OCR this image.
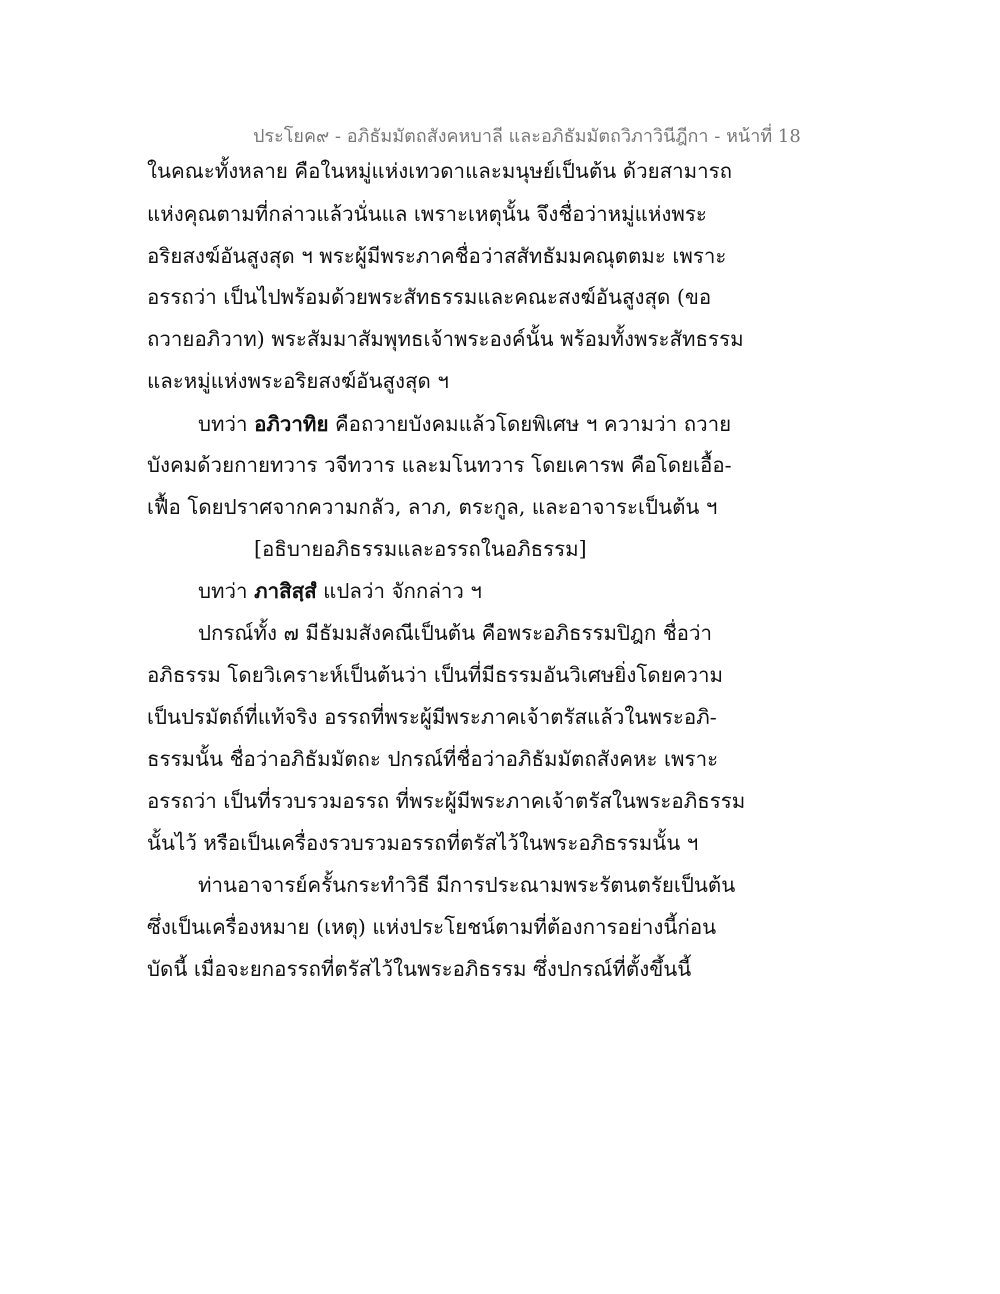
ประโยค๙ - อภิธัมมัตถสังคหบาลี และอภิธัมมัตถวิภาวินีฎีกา - หน้าที่ 18
ในคณะทั้งหลาย คือในหมู่แห่งเทวดาและมนุษย์เป็นต้น ด้วยสามารถ
แห่งคุณตามที่กล่าวแล้วนั่นแล เพราะเหตุนั้น จึงชื่อว่าหมู่แห่งพระ
อริยสงฆ์อันสูงสุด ฯ พระผู้มีพระภาคชื่อว่าสสัทธัมมคณุตตมะ เพราะ
อรรถว่า เป็นไปพร้อมด้วยพระสัทธรรมและคณะสงฆ์อันสูงสุด (ขอ
ถวายอภิวาท) พระสัมมาสัมพุทธเจ้าพระองค์นั้น พร้อมทั้งพระสัทธรรม
และหมู่แห่งพระอริยสงฆ์อันสูงสุด ฯ
บทว่า อภิวาทิย คือถวายบังคมแล้วโดยพิเศษ ฯ ความว่า ถวาย
บังคมด้วยกายทวาร วจีทวาร และมโนทวาร โดยเคารพ คือโดยเอื้อ-
เฟื้อ โดยปราศจากความกลัว, ลาภ, ตระกูล, และอาจาระเป็นต้น ฯ
[อธิบายอภิธรรมและอรรถในอภิธรรม]
บทว่า ภาสิสฺสํ แปลว่า จักกล่าว ฯ
ปกรณ์ทั้ง ๗ มีธัมมสังคณีเป็นต้น คือพระอภิธรรมปิฎก ชื่อว่า
อภิธรรม โดยวิเคราะห์เป็นต้นว่า เป็นที่มีธรรมอันวิเศษยิ่งโดยความ
เป็นปรมัตถ์ที่แท้จริง อรรถที่พระผู้มีพระภาคเจ้าตรัสแล้วในพระอภิ-
ธรรมนั้น ชื่อว่าอภิธัมมัตถะ ปกรณ์ที่ชื่อว่าอภิธัมมัตถสังคหะ เพราะ
อรรถว่า เป็นที่รวบรวมอรรถ ที่พระผู้มีพระภาคเจ้าตรัสในพระอภิธรรม
นั้นไว้ หรือเป็นเครื่องรวบรวมอรรถที่ตรัสไว้ในพระอภิธรรมนั้น ฯ
ท่านอาจารย์ครั้นกระทำวิธี มีการประณามพระรัตนตรัยเป็นต้น
ซึ่งเป็นเครื่องหมาย (เหตุ) แห่งประโยชน์ตามที่ต้องการอย่างนี้ก่อน
บัดนี้ เมื่อจะยกอรรถที่ตรัสไว้ในพระอภิธรรม ซึ่งปกรณ์ที่ตั้งขึ้นนี้
